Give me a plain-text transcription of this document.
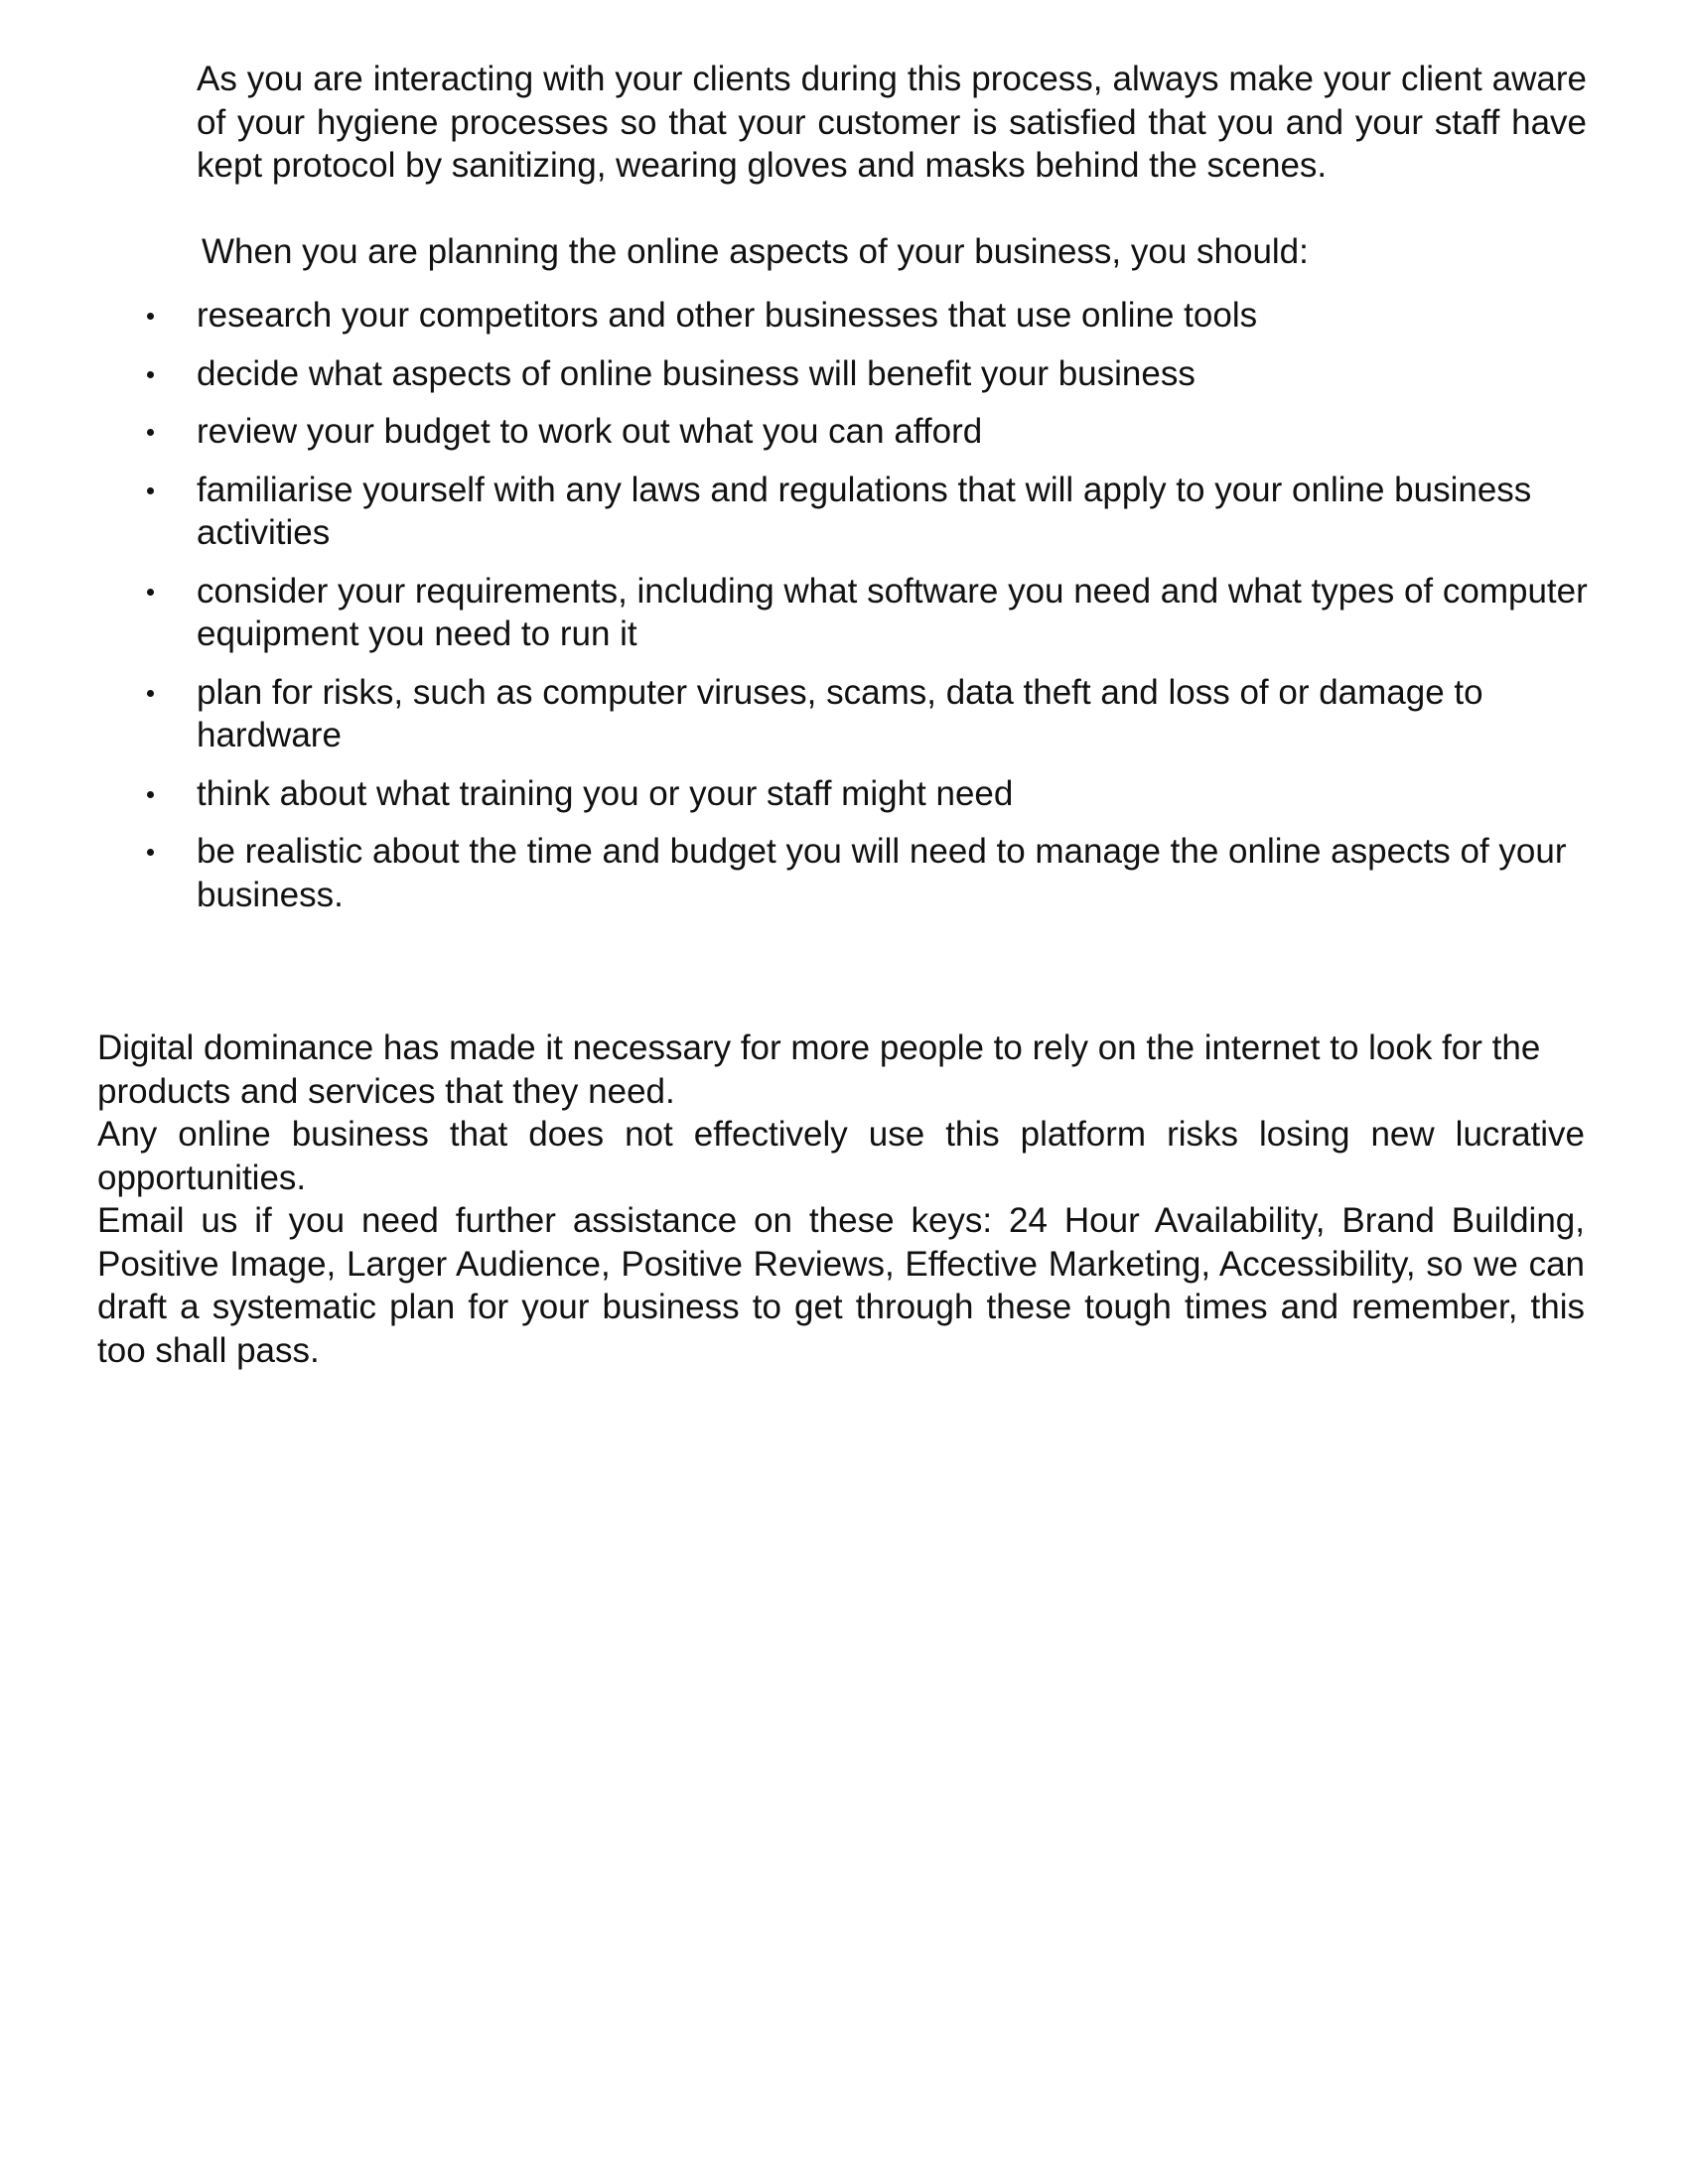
As you are interacting with your clients during this process, always make your client aware of your hygiene processes so that your customer is satisfied that you and your staff have kept protocol by sanitizing, wearing gloves and masks behind the scenes.

When you are planning the online aspects of your business, you should:

research your competitors and other businesses that use online tools
decide what aspects of online business will benefit your business
review your budget to work out what you can afford
familiarise yourself with any laws and regulations that will apply to your online business activities
consider your requirements, including what software you need and what types of computer equipment you need to run it
plan for risks, such as computer viruses, scams, data theft and loss of or damage to hardware
think about what training you or your staff might need
be realistic about the time and budget you will need to manage the online aspects of your business.

Digital dominance has made it necessary for more people to rely on the internet to look for the products and services that they need.

Any online business that does not effectively use this platform risks losing new lucrative opportunities.

Email us if you need further assistance on these keys: 24 Hour Availability, Brand Building, Positive Image, Larger Audience, Positive Reviews, Effective Marketing, Accessibility, so we can draft a systematic plan for your business to get through these tough times and remember, this too shall pass.
